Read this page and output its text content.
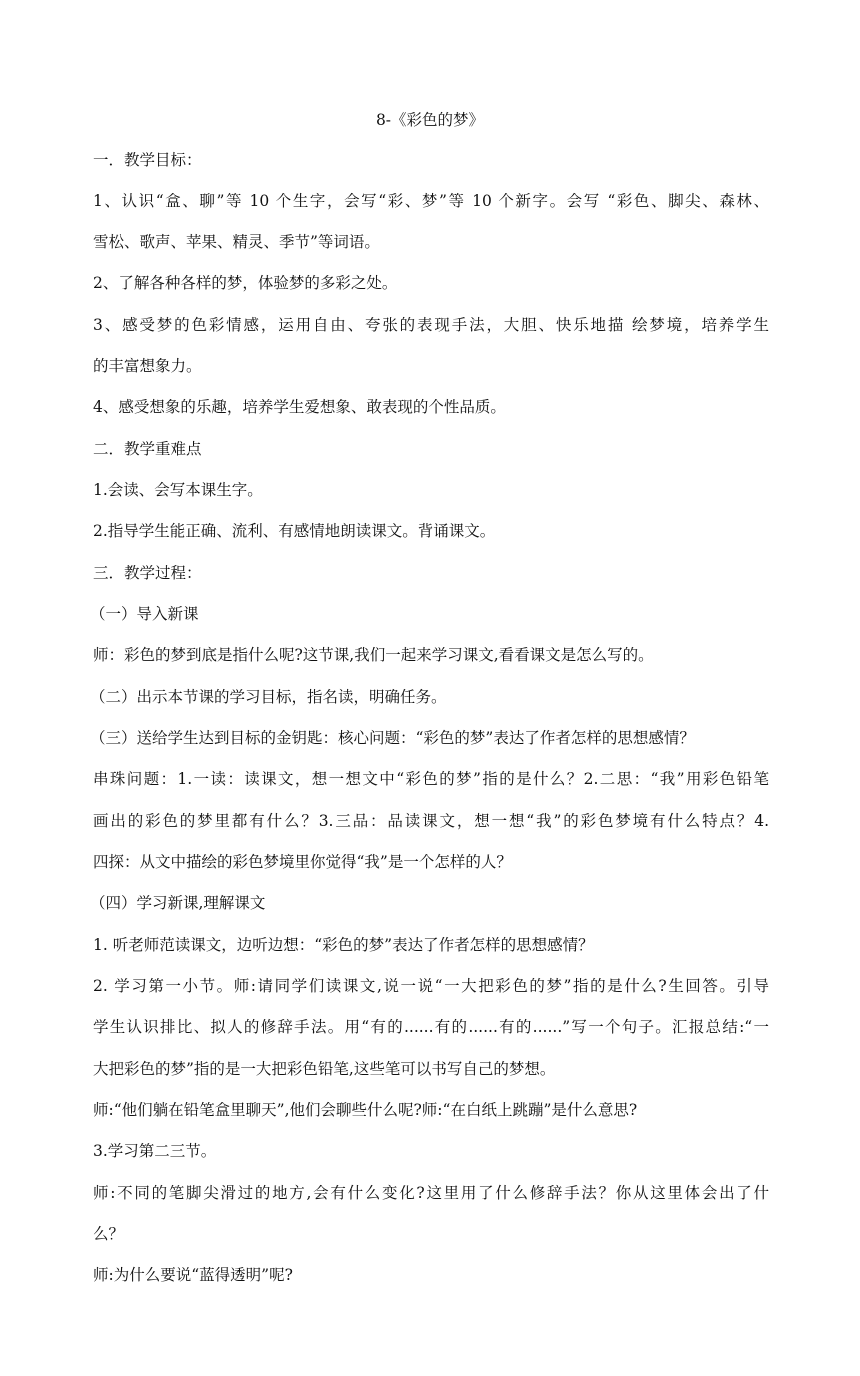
8-《彩色的梦》
一．教学目标：
1、认识“盒、聊”等 10 个生字，会写“彩、梦”等 10 个新字。会写 “彩色、脚尖、森林、
雪松、歌声、苹果、精灵、季节”等词语。
2、了解各种各样的梦，体验梦的多彩之处。
3、感受梦的色彩情感，运用自由、夸张的表现手法，大胆、快乐地描 绘梦境，培养学生
的丰富想象力。
4、感受想象的乐趣，培养学生爱想象、敢表现的个性品质。
二．教学重难点
1.会读、会写本课生字。
2.指导学生能正确、流利、有感情地朗读课文。背诵课文。
三．教学过程：
（一）导入新课
师：彩色的梦到底是指什么呢?这节课,我们一起来学习课文,看看课文是怎么写的。
（二）出示本节课的学习目标，指名读，明确任务。
（三）送给学生达到目标的金钥匙：核心问题：“彩色的梦”表达了作者怎样的思想感情？
串珠问题：1.一读：读课文，想一想文中“彩色的梦”指的是什么？2.二思：“我”用彩色铅笔
画出的彩色的梦里都有什么？3.三品：品读课文，想一想“我”的彩色梦境有什么特点？4.
四探：从文中描绘的彩色梦境里你觉得“我”是一个怎样的人？
（四）学习新课,理解课文
1. 听老师范读课文，边听边想：“彩色的梦”表达了作者怎样的思想感情？
2. 学习第一小节。师:请同学们读课文,说一说“一大把彩色的梦”指的是什么?生回答。引导
学生认识排比、拟人的修辞手法。用“有的......有的......有的......”写一个句子。汇报总结:“一
大把彩色的梦”指的是一大把彩色铅笔,这些笔可以书写自己的梦想。
师:“他们躺在铅笔盒里聊天”,他们会聊些什么呢?师:“在白纸上跳蹦”是什么意思?
3.学习第二三节。
师:不同的笔脚尖滑过的地方,会有什么变化?这里用了什么修辞手法？你从这里体会出了什
么？
师:为什么要说“蓝得透明”呢?
